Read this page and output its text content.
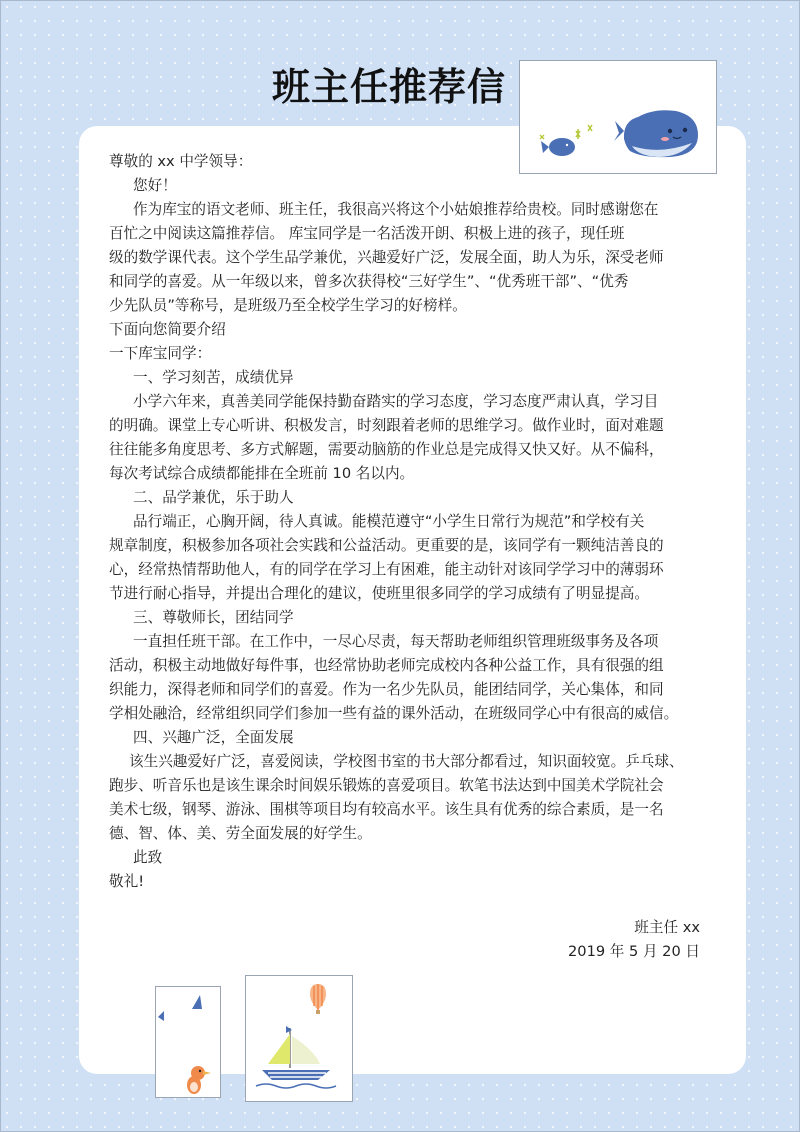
班主任推荐信
尊敬的 xx 中学领导：
您好！
作为库宝的语文老师、班主任，我很高兴将这个小姑娘推荐给贵校。同时感谢您在
百忙之中阅读这篇推荐信。 库宝同学是一名活泼开朗、积极上进的孩子，现任班
级的数学课代表。这个学生品学兼优，兴趣爱好广泛，发展全面，助人为乐，深受老师
和同学的喜爱。从一年级以来，曾多次获得校“三好学生”、“优秀班干部”、“优秀
少先队员”等称号，是班级乃至全校学生学习的好榜样。
下面向您简要介绍
一下库宝同学：
一、学习刻苦，成绩优异
小学六年来，真善美同学能保持勤奋踏实的学习态度，学习态度严肃认真，学习目
的明确。课堂上专心听讲、积极发言，时刻跟着老师的思维学习。做作业时，面对难题
往往能多角度思考、多方式解题，需要动脑筋的作业总是完成得又快又好。从不偏科，
每次考试综合成绩都能排在全班前 10 名以内。
二、品学兼优，乐于助人
品行端正，心胸开阔，待人真诚。能模范遵守“小学生日常行为规范”和学校有关
规章制度，积极参加各项社会实践和公益活动。更重要的是，该同学有一颗纯洁善良的
心，经常热情帮助他人，有的同学在学习上有困难，能主动针对该同学学习中的薄弱环
节进行耐心指导，并提出合理化的建议，使班里很多同学的学习成绩有了明显提高。
三、尊敬师长，团结同学
一直担任班干部。在工作中，一尽心尽责，每天帮助老师组织管理班级事务及各项
活动，积极主动地做好每件事，也经常协助老师完成校内各种公益工作，具有很强的组
织能力，深得老师和同学们的喜爱。作为一名少先队员，能团结同学，关心集体，和同
学相处融洽，经常组织同学们参加一些有益的课外活动，在班级同学心中有很高的威信。
四、兴趣广泛，全面发展
该生兴趣爱好广泛，喜爱阅读，学校图书室的书大部分都看过，知识面较宽。乒乓球、
跑步、听音乐也是该生课余时间娱乐锻炼的喜爱项目。软笔书法达到中国美术学院社会
美术七级，钢琴、游泳、围棋等项目均有较高水平。该生具有优秀的综合素质，是一名
德、智、体、美、劳全面发展的好学生。
此致
敬礼!
班主任 xx
2019 年 5 月 20 日
